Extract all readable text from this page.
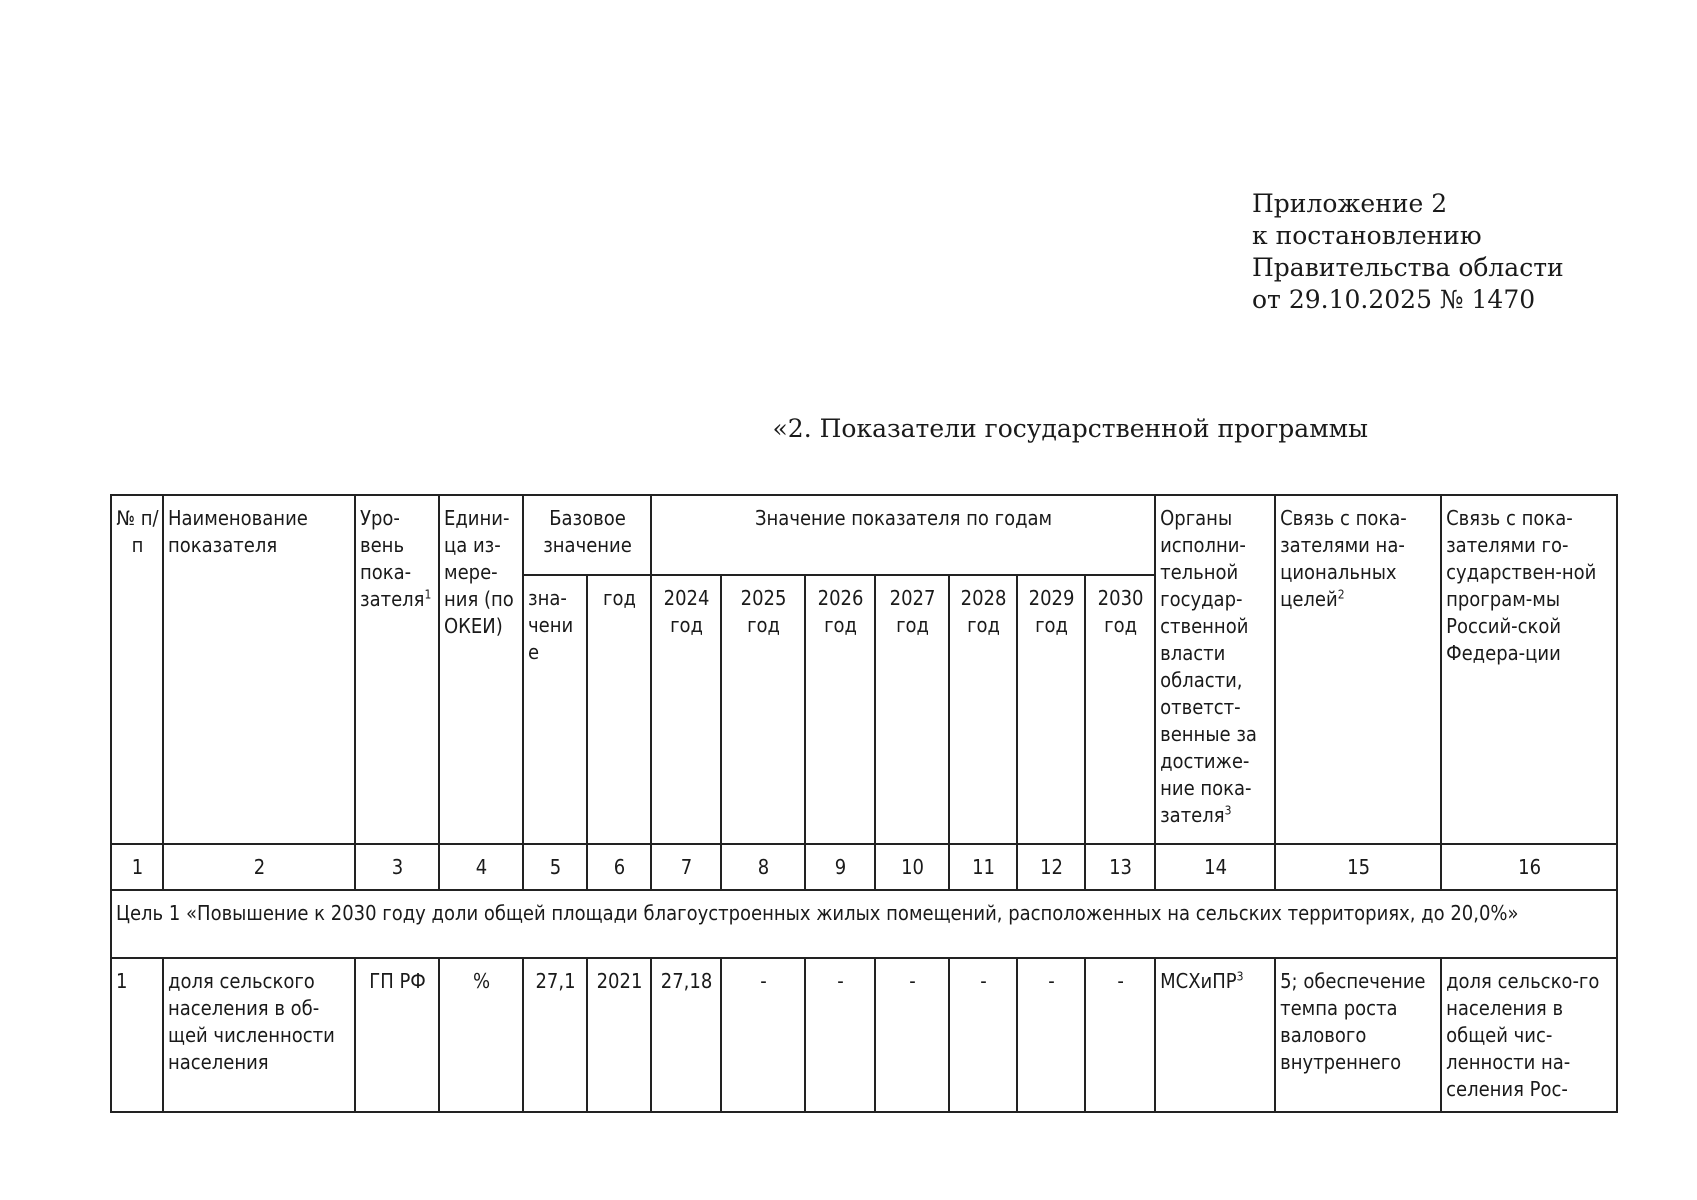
Приложение 2
к постановлению
Правительства области
от 29.10.2025 № 1470
«2. Показатели государственной программы
№ п/п	Наименование показателя	Уро-вень пока-зателя$^1$	Едини-ца из-мере-ния (по ОКЕИ)	Базовое значение		Значение показателя по годам							Органы исполни-тельной государ-ственной власти области, ответст-венные за достиже-ние пока-зателя$^3$	Связь с пока-зателями на-циональных целей$^2$	Связь с пока-зателями го-сударствен-ной програм-мы Россий-ской Федера-ции
				зна-чение	год	2024 год	2025 год	2026 год	2027 год	2028 год	2029 год	2030 год			
1	2	3	4	5	6	7	8	9	10	11	12	13	14	15	16
Цель 1 «Повышение к 2030 году доли общей площади благоустроенных жилых помещений, расположенных на сельских территориях, до 20,0%»															
1	доля сельского населения в об-щей численности населения	ГП РФ	%	27,1	2021	27,18	-	-	-	-	-	-	МСХиПР$^3$	5; обеспечение темпа роста валового внутреннего	доля сельско-го населения в общей чис-ленности на-селения Рос-
